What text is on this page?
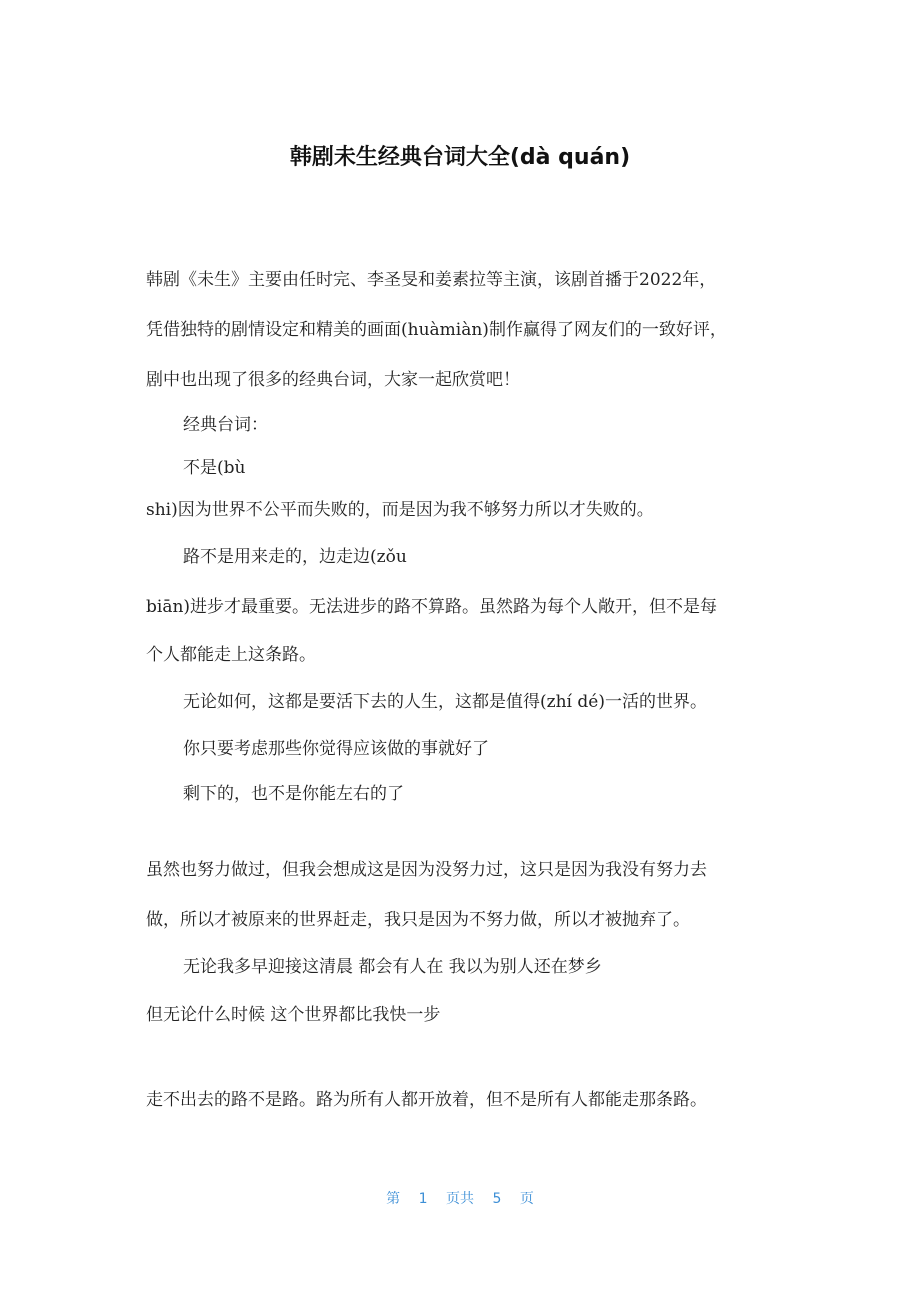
韩剧未生经典台词大全(dà quán)
韩剧《未生》主要由任时完、李圣旻和姜素拉等主演，该剧首播于2022年，
凭借独特的剧情设定和精美的画面(huàmiàn)制作赢得了网友们的一致好评，
剧中也出现了很多的经典台词，大家一起欣赏吧！
经典台词：
不是(bù
shi)因为世界不公平而失败的，而是因为我不够努力所以才失败的。
路不是用来走的，边走边(zǒu
biān)进步才最重要。无法进步的路不算路。虽然路为每个人敞开，但不是每
个人都能走上这条路。
无论如何，这都是要活下去的人生，这都是值得(zhí dé)一活的世界。
你只要考虑那些你觉得应该做的事就好了
剩下的，也不是你能左右的了
虽然也努力做过，但我会想成这是因为没努力过，这只是因为我没有努力去
做，所以才被原来的世界赶走，我只是因为不努力做，所以才被抛弃了。
无论我多早迎接这清晨 都会有人在 我以为别人还在梦乡
但无论什么时候 这个世界都比我快一步
走不出去的路不是路。路为所有人都开放着，但不是所有人都能走那条路。
第 1 页共 5 页
